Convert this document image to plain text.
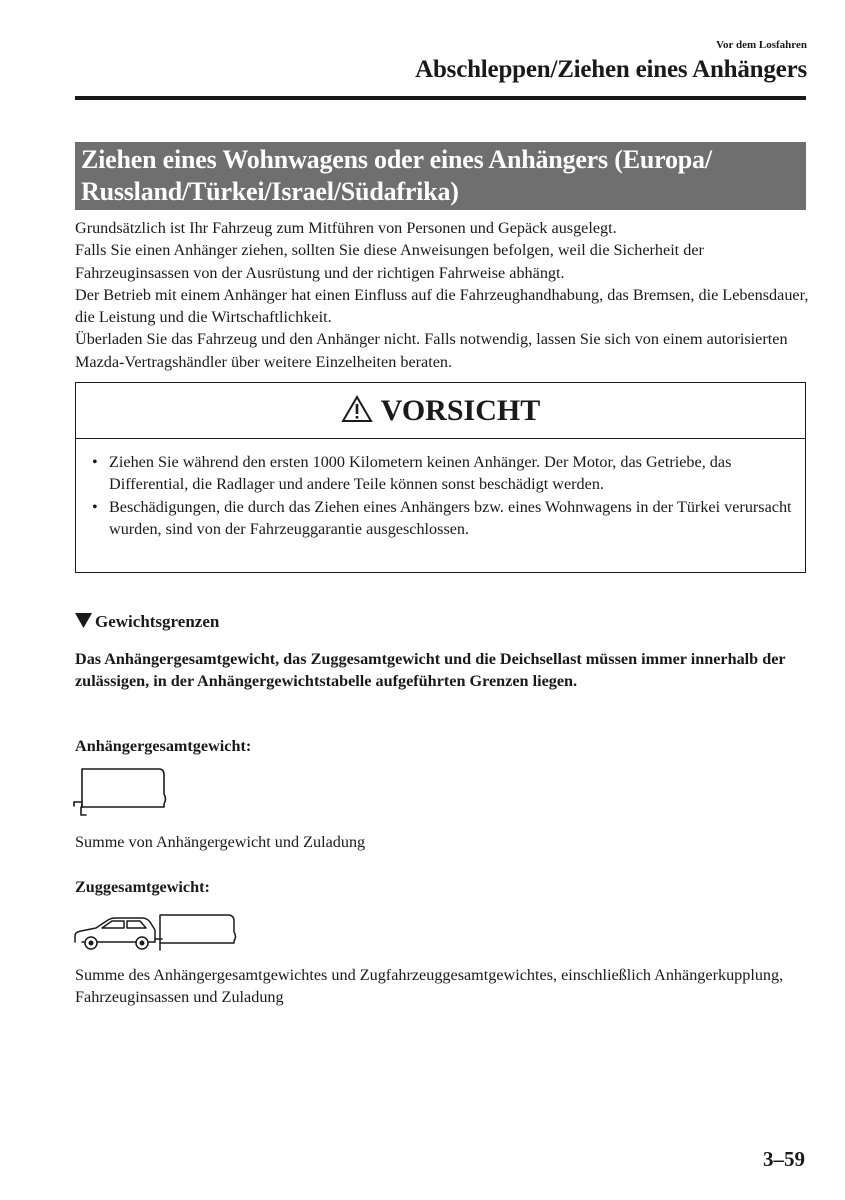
Vor dem Losfahren
Abschleppen/Ziehen eines Anhängers
Ziehen eines Wohnwagens oder eines Anhängers (Europa/
Russland/Türkei/Israel/Südafrika)

Grundsätzlich ist Ihr Fahrzeug zum Mitführen von Personen und Gepäck ausgelegt.

Falls Sie einen Anhänger ziehen, sollten Sie diese Anweisungen befolgen, weil die Sicherheit der Fahrzeuginsassen von der Ausrüstung und der richtigen Fahrweise abhängt.

Der Betrieb mit einem Anhänger hat einen Einfluss auf die Fahrzeughandhabung, das Bremsen, die Lebensdauer, die Leistung und die Wirtschaftlichkeit.

Überladen Sie das Fahrzeug und den Anhänger nicht. Falls notwendig, lassen Sie sich von einem autorisierten Mazda-Vertragshändler über weitere Einzelheiten beraten.

VORSICHT
• Ziehen Sie während den ersten 1000 Kilometern keinen Anhänger. Der Motor, das Getriebe, das Differential, die Radlager und andere Teile können sonst beschädigt werden.
• Beschädigungen, die durch das Ziehen eines Anhängers bzw. eines Wohnwagens in der Türkei verursacht wurden, sind von der Fahrzeuggarantie ausgeschlossen.
Gewichtsgrenzen
Das Anhängergesamtgewicht, das Zuggesamtgewicht und die Deichsellast müssen immer innerhalb der zulässigen, in der Anhängergewichtstabelle aufgeführten Grenzen liegen.
Anhängergesamtgewicht:
Summe von Anhängergewicht und Zuladung
Zuggesamtgewicht:
Summe des Anhängergesamtgewichtes und Zugfahrzeuggesamtgewichtes, einschließlich Anhängerkupplung, Fahrzeuginsassen und Zuladung
3–59
